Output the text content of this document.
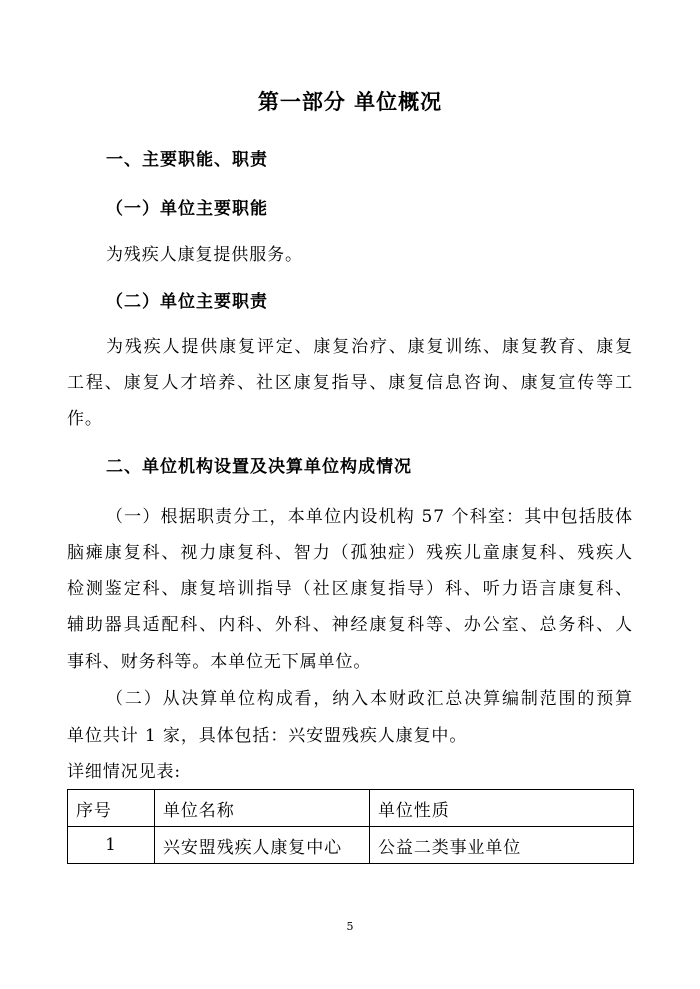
第一部分 单位概况
一、主要职能、职责
（一）单位主要职能
为残疾人康复提供服务。
（二）单位主要职责
为残疾人提供康复评定、康复治疗、康复训练、康复教育、康复
工程、康复人才培养、社区康复指导、康复信息咨询、康复宣传等工
作。
二、单位机构设置及决算单位构成情况
（一）根据职责分工，本单位内设机构 57 个科室：其中包括肢体
脑瘫康复科、视力康复科、智力（孤独症）残疾儿童康复科、残疾人
检测鉴定科、康复培训指导（社区康复指导）科、听力语言康复科、
辅助器具适配科、内科、外科、神经康复科等、办公室、总务科、人
事科、财务科等。本单位无下属单位。
（二）从决算单位构成看，纳入本财政汇总决算编制范围的预算
单位共计 1 家，具体包括：兴安盟残疾人康复中。
详细情况见表:
序号	单位名称	单位性质
1	兴安盟残疾人康复中心	公益二类事业单位
5
